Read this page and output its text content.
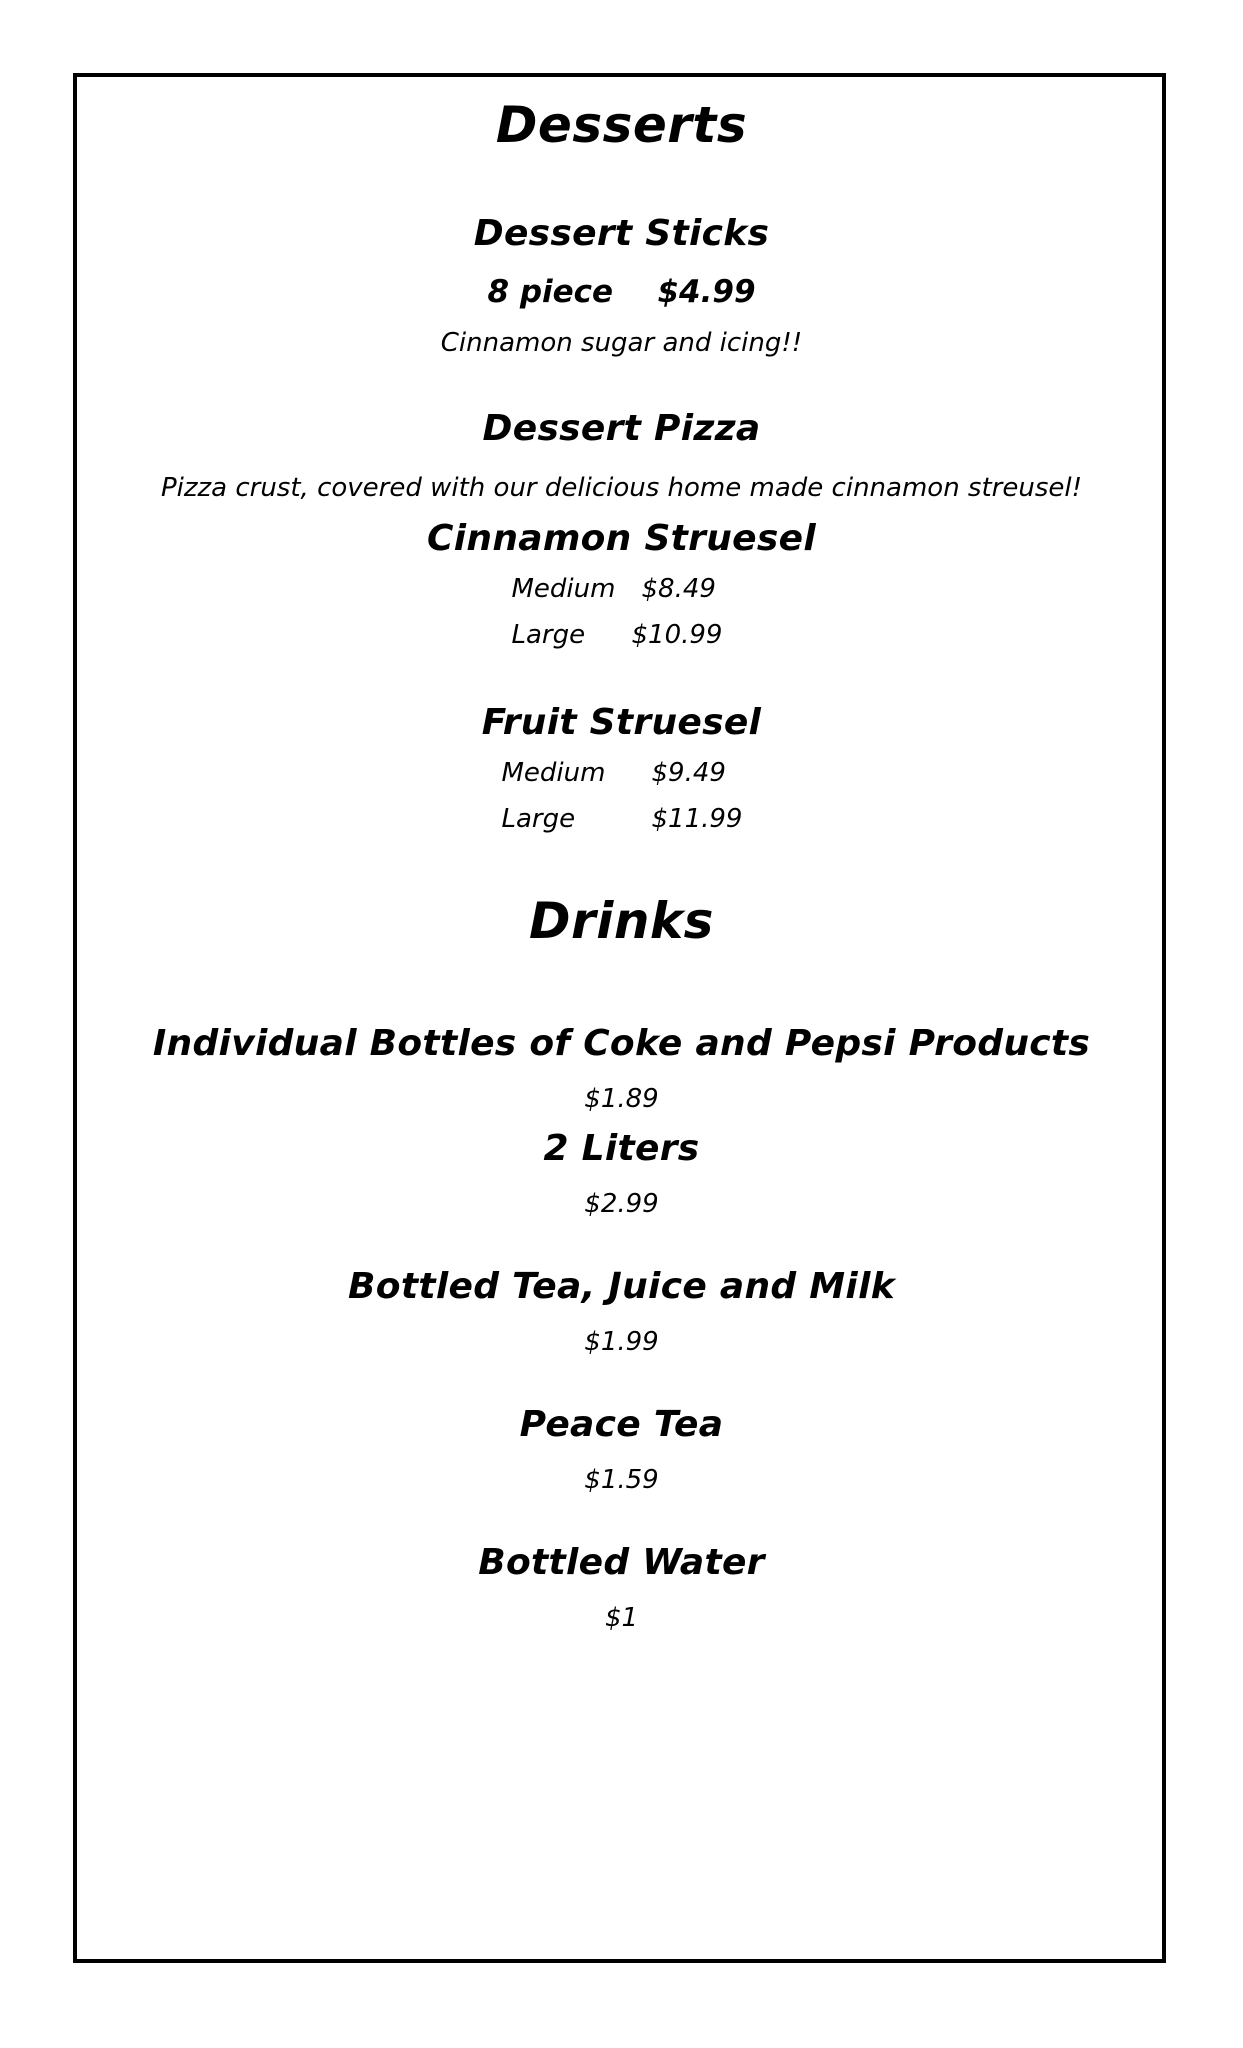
Desserts
Dessert Sticks
8 piece	$4.99

Cinnamon sugar and icing!!

Dessert Pizza

Pizza crust, covered with our delicious home made cinnamon streusel!

Cinnamon Struesel
Medium	$8.49
Large	$10.99
Fruit Struesel
Medium	$9.49
Large	$11.99
Drinks
Individual Bottles of Coke and Pepsi Products

$1.89

2 Liters

$2.99

Bottled Tea, Juice and Milk

$1.99

Peace Tea

$1.59

Bottled Water

$1
